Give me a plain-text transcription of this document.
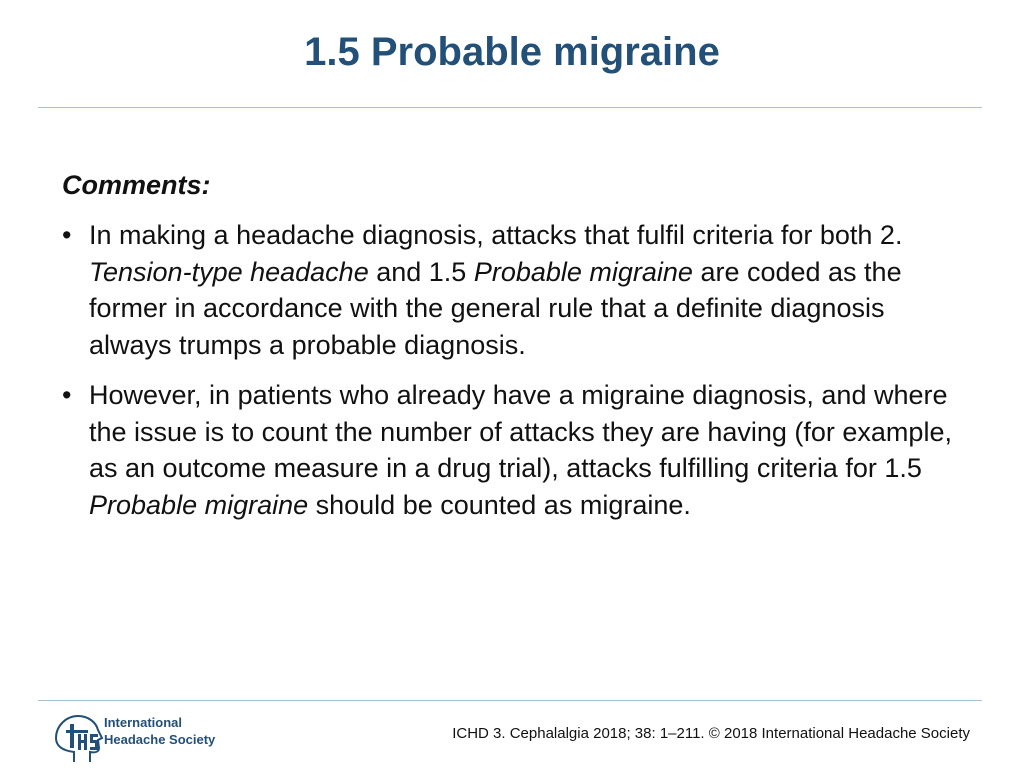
1.5 Probable migraine

Comments:

• In making a headache diagnosis, attacks that fulfil criteria for both 2. Tension-type headache and 1.5 Probable migraine are coded as the former in accordance with the general rule that a definite diagnosis always trumps a probable diagnosis.
• However, in patients who already have a migraine diagnosis, and where the issue is to count the number of attacks they are having (for example, as an outcome measure in a drug trial), attacks fulfilling criteria for 1.5 Probable migraine should be counted as migraine.
International
Headache Society	ICHD 3. Cephalalgia 2018; 38: 1–211. © 2018 International Headache Society
